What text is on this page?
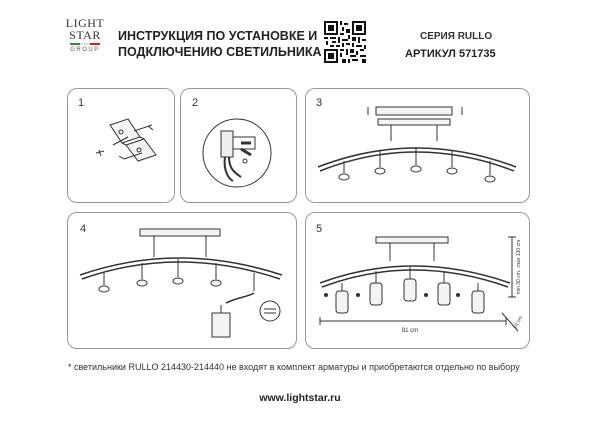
LIGHT
STAR
GROUP
ИНСТРУКЦИЯ ПО УСТАНОВКЕ И
ПОДКЛЮЧЕНИЮ СВЕТИЛЬНИКА
СЕРИЯ RULLO
АРТИКУЛ 571735
1	2	3
4	5
81 cm
min 30 cm...max 130 cm
10 cm
* светильники RULLO 214430-214440 не входят в комплект арматуры и приобретаются отдельно по выбору
www.lightstar.ru
